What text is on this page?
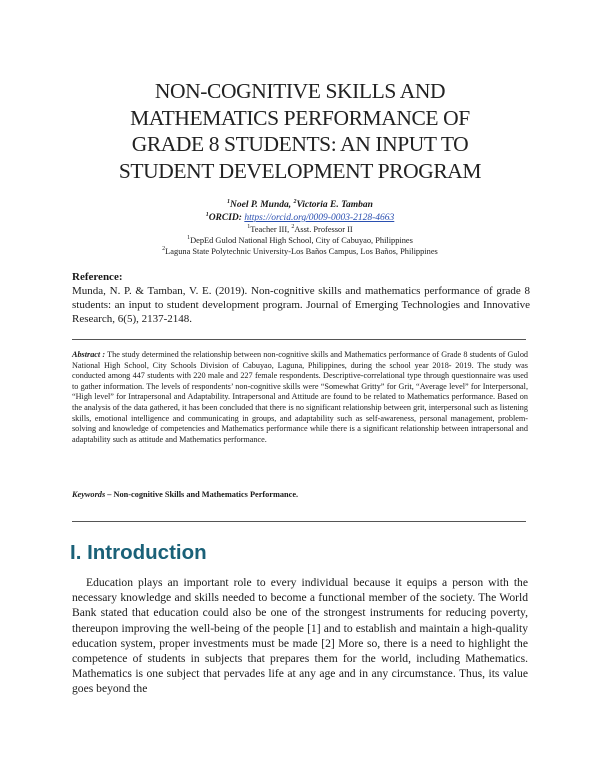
NON-COGNITIVE SKILLS AND
MATHEMATICS PERFORMANCE OF
GRADE 8 STUDENTS: AN INPUT TO
STUDENT DEVELOPMENT PROGRAM
$^1$Noel P. Munda, $^2$Victoria E. Tamban
$^1$ORCID: https://orcid.org/0009-0003-2128-4663
$^1$Teacher III, $^2$Asst. Professor II
$^1$DepEd Gulod National High School, City of Cabuyao, Philippines
$^2$Laguna State Polytechnic University-Los Baños Campus, Los Baños, Philippines
Reference:
Munda, N. P. & Tamban, V. E. (2019). Non-cognitive skills and mathematics performance of grade 8 students: an input to student development program. Journal of Emerging Technologies and Innovative Research, 6(5), 2137-2148.
Abstract : The study determined the relationship between non-cognitive skills and Mathematics performance of Grade 8 students of Gulod National High School, City Schools Division of Cabuyao, Laguna, Philippines, during the school year 2018- 2019. The study was conducted among 447 students with 220 male and 227 female respondents. Descriptive-correlational type through questionnaire was used to gather information. The levels of respondents’ non-cognitive skills were “Somewhat Gritty” for Grit, “Average level” for Interpersonal, “High level” for Intrapersonal and Adaptability. Intrapersonal and Attitude are found to be related to Mathematics performance. Based on the analysis of the data gathered, it has been concluded that there is no significant relationship between grit, interpersonal such as listening skills, emotional intelligence and communicating in groups, and adaptability such as self-awareness, personal management, problem-solving and knowledge of competencies and Mathematics performance while there is a significant relationship between intrapersonal and adaptability such as attitude and Mathematics performance.
Keywords – Non-cognitive Skills and Mathematics Performance.
I. Introduction

Education plays an important role to every individual because it equips a person with the necessary knowledge and skills needed to become a functional member of the society. The World Bank stated that education could also be one of the strongest instruments for reducing poverty, thereupon improving the well-being of the people [1] and to establish and maintain a high-quality education system, proper investments must be made [2] More so, there is a need to highlight the competence of students in subjects that prepares them for the world, including Mathematics. Mathematics is one subject that pervades life at any age and in any circumstance. Thus, its value goes beyond the
